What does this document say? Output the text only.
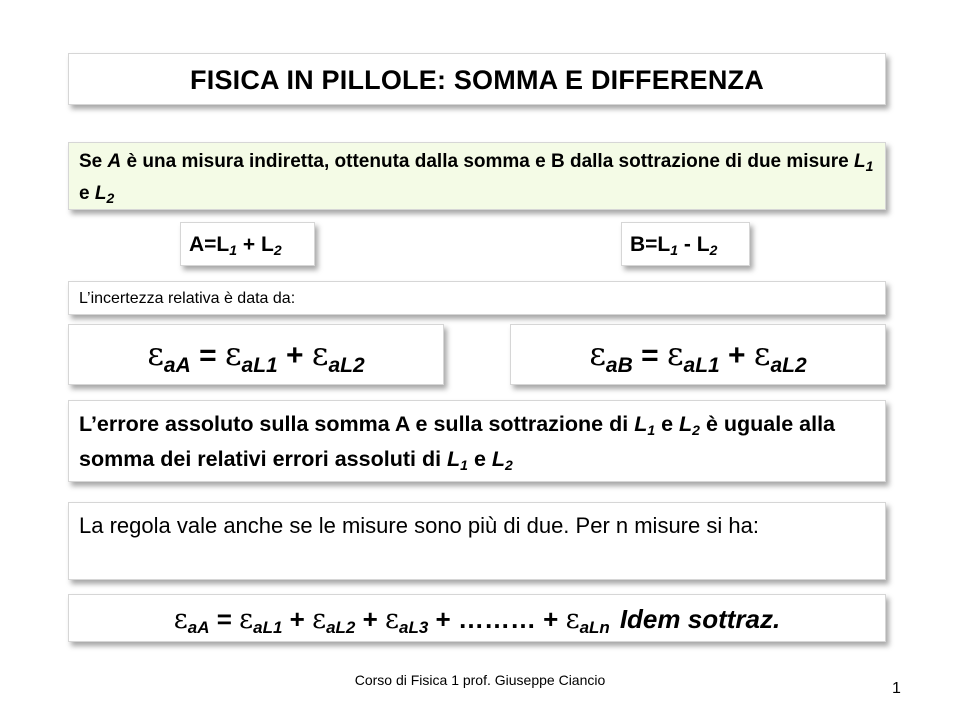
FISICA IN PILLOLE: SOMMA E DIFFERENZA
Se A è una misura indiretta, ottenuta dalla somma e B dalla sottrazione di due misure $L_1$ e $L_2$
$A=L_1 + L_2$	$B=L_1 - L_2$
L’incertezza relativa è data da:
$\varepsilon_{aA} = \varepsilon_{aL1} + \varepsilon_{aL2}$	$\varepsilon_{aB} = \varepsilon_{aL1} + \varepsilon_{aL2}$
L’errore assoluto sulla somma A e sulla sottrazione di $L_1$ e $L_2$ è uguale alla somma dei relativi errori assoluti di $L_1$ e $L_2$
La regola vale anche se le misure sono più di due. Per n misure si ha:
$\varepsilon_{aA} = \varepsilon_{aL1} + \varepsilon_{aL2} + \varepsilon_{aL3}$ + ……… + $\varepsilon_{aLn}$ Idem sottraz.
Corso di Fisica 1 prof. Giuseppe Ciancio	1
